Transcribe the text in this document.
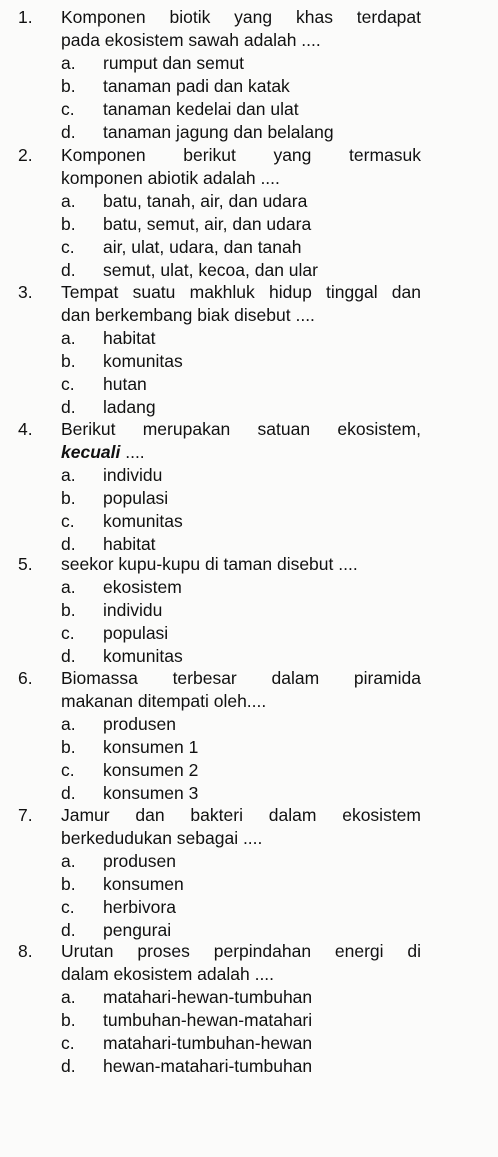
1.	Komponen biotik yang khas terdapat
pada ekosistem sawah adalah ....
a. rumput dan semut
b. tanaman padi dan katak
c. tanaman kedelai dan ulat
d. tanaman jagung dan belalang
2.	Komponen berikut yang termasuk
komponen abiotik adalah ....
a. batu, tanah, air, dan udara
b. batu, semut, air, dan udara
c. air, ulat, udara, dan tanah
d. semut, ulat, kecoa, dan ular
3.	Tempat suatu makhluk hidup tinggal dan
dan berkembang biak disebut ....
a. habitat
b. komunitas
c. hutan
d. ladang
4.	Berikut merupakan satuan ekosistem,
kecuali ....
a. individu
b. populasi
c. komunitas
d. habitat
5.	seekor kupu-kupu di taman disebut ....
a. ekosistem
b. individu
c. populasi
d. komunitas
6.	Biomassa terbesar dalam piramida
makanan ditempati oleh....
a. produsen
b. konsumen 1
c. konsumen 2
d. konsumen 3
7.	Jamur dan bakteri dalam ekosistem
berkedudukan sebagai ....
a. produsen
b. konsumen
c. herbivora
d. pengurai
8.	Urutan proses perpindahan energi di
dalam ekosistem adalah ....
a. matahari-hewan-tumbuhan
b. tumbuhan-hewan-matahari
c. matahari-tumbuhan-hewan
d. hewan-matahari-tumbuhan
